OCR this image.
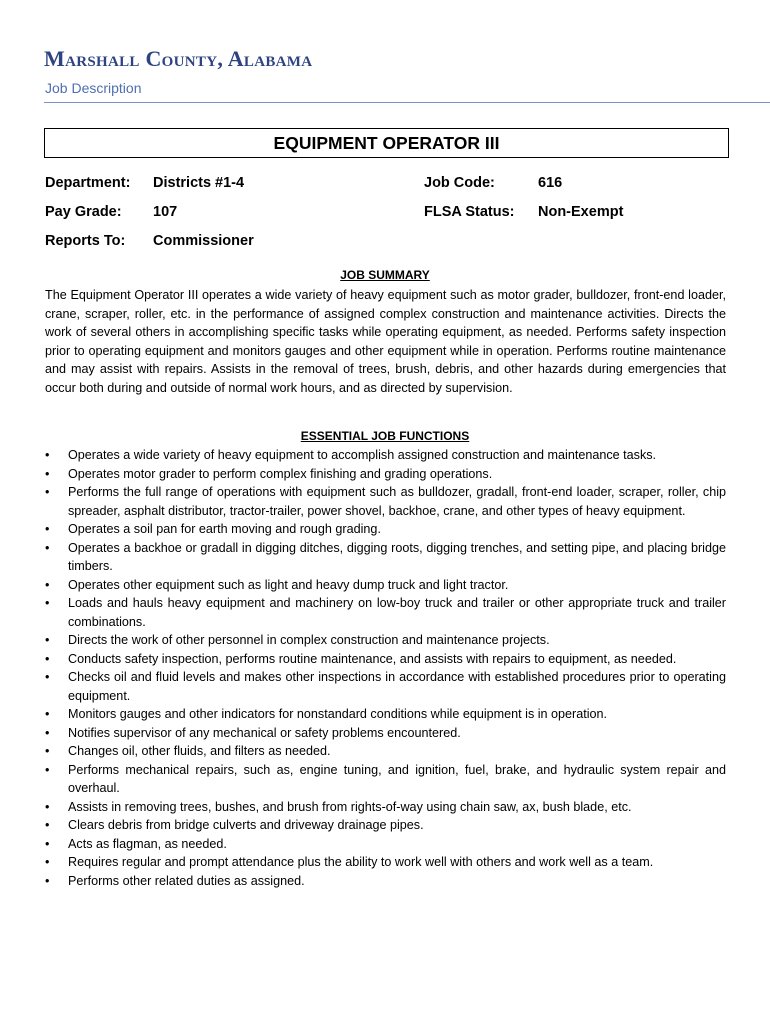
Marshall County, Alabama
Job Description
EQUIPMENT OPERATOR III
Department: Districts #1-4	Job Code:	616
Pay Grade: 107	FLSA Status: Non-Exempt
Reports To: Commissioner
JOB SUMMARY

The Equipment Operator III operates a wide variety of heavy equipment such as motor grader, bulldozer, front-end loader, crane, scraper, roller, etc. in the performance of assigned complex construction and maintenance activities. Directs the work of several others in accomplishing specific tasks while operating equipment, as needed. Performs safety inspection prior to operating equipment and monitors gauges and other equipment while in operation. Performs routine maintenance and may assist with repairs. Assists in the removal of trees, brush, debris, and other hazards during emergencies that occur both during and outside of normal work hours, and as directed by supervision.

ESSENTIAL JOB FUNCTIONS
•	Operates a wide variety of heavy equipment to accomplish assigned construction and maintenance tasks.
•	Operates motor grader to perform complex finishing and grading operations.
•	Performs the full range of operations with equipment such as bulldozer, gradall, front-end loader, scraper, roller, chip spreader, asphalt distributor, tractor-trailer, power shovel, backhoe, crane, and other types of heavy equipment.
•	Operates a soil pan for earth moving and rough grading.
•	Operates a backhoe or gradall in digging ditches, digging roots, digging trenches, and setting pipe, and placing bridge timbers.
•	Operates other equipment such as light and heavy dump truck and light tractor.
•	Loads and hauls heavy equipment and machinery on low-boy truck and trailer or other appropriate truck and trailer combinations.
•	Directs the work of other personnel in complex construction and maintenance projects.
•	Conducts safety inspection, performs routine maintenance, and assists with repairs to equipment, as needed.
•	Checks oil and fluid levels and makes other inspections in accordance with established procedures prior to operating equipment.
•	Monitors gauges and other indicators for nonstandard conditions while equipment is in operation.
•	Notifies supervisor of any mechanical or safety problems encountered.
•	Changes oil, other fluids, and filters as needed.
•	Performs mechanical repairs, such as, engine tuning, and ignition, fuel, brake, and hydraulic system repair and overhaul.
•	Assists in removing trees, bushes, and brush from rights-of-way using chain saw, ax, bush blade, etc.
•	Clears debris from bridge culverts and driveway drainage pipes.
•	Acts as flagman, as needed.
•	Requires regular and prompt attendance plus the ability to work well with others and work well as a team.
•	Performs other related duties as assigned.
